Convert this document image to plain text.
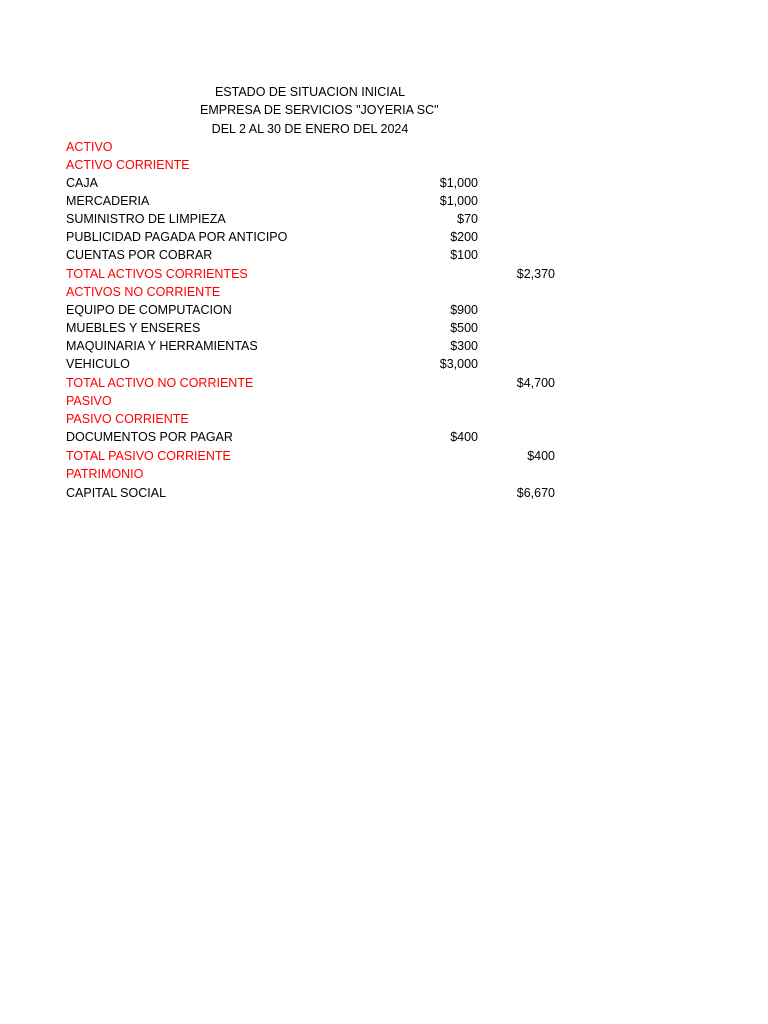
ESTADO DE SITUACION INICIAL
EMPRESA DE SERVICIOS "JOYERIA SC"
DEL 2 AL 30 DE ENERO DEL 2024
ACTIVO
ACTIVO CORRIENTE
CAJA	$1,000
MERCADERIA	$1,000
SUMINISTRO DE LIMPIEZA	$70
PUBLICIDAD PAGADA POR ANTICIPO	$200
CUENTAS POR COBRAR	$100
TOTAL ACTIVOS CORRIENTES	$2,370
ACTIVOS NO CORRIENTE
EQUIPO DE COMPUTACION	$900
MUEBLES Y ENSERES	$500
MAQUINARIA Y HERRAMIENTAS	$300
VEHICULO	$3,000
TOTAL ACTIVO NO CORRIENTE	$4,700
PASIVO
PASIVO CORRIENTE
DOCUMENTOS POR PAGAR	$400
TOTAL PASIVO CORRIENTE	$400
PATRIMONIO
CAPITAL SOCIAL	$6,670
